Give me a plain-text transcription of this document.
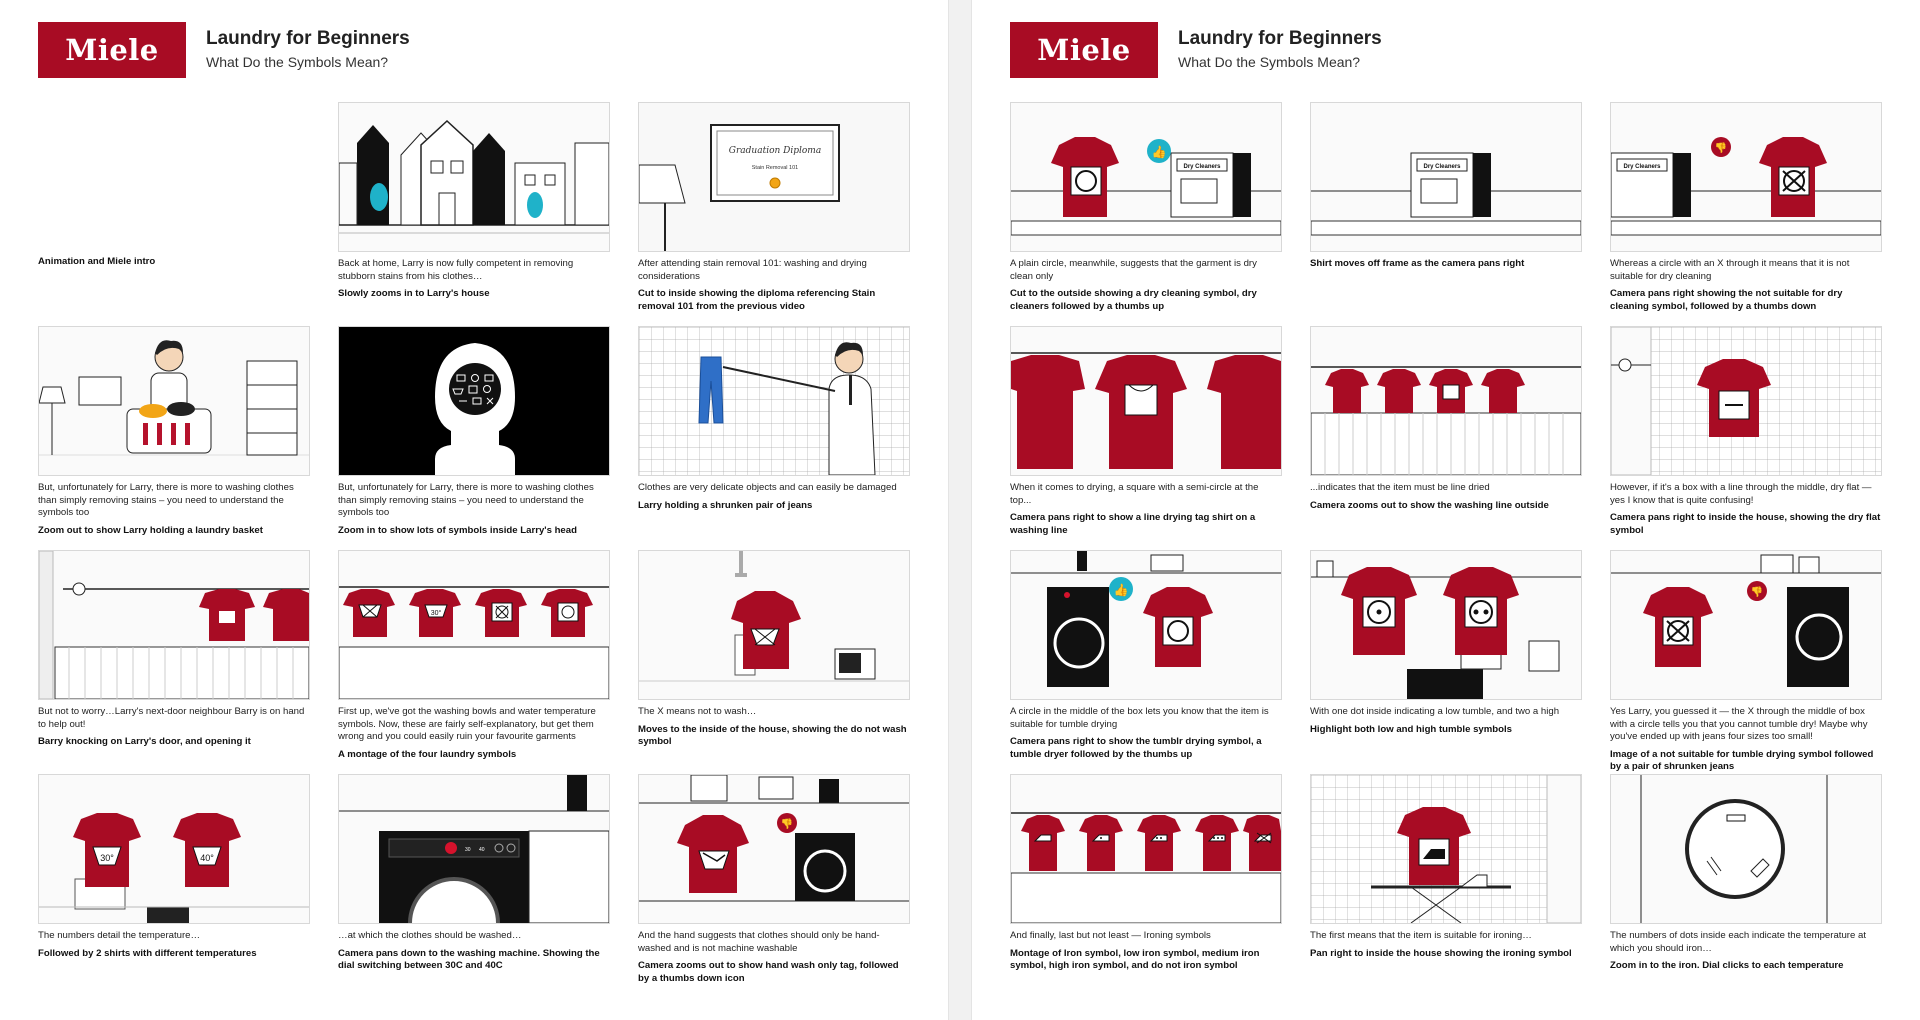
Miele	Laundry for Beginners
What Do the Symbols Mean?
Animation and Miele intro	Back at home, Larry is now fully competent in removing stubborn stains from his clothes…
Slowly zooms in to Larry's house
Graduation Diploma
Stain Removal 101
After attending stain removal 101: washing and drying considerations
Cut to inside showing the diploma referencing Stain removal 101 from the previous video
But, unfortunately for Larry, there is more to washing clothes than simply removing stains – you need to understand the symbols too
Zoom out to show Larry holding a laundry basket
But, unfortunately for Larry, there is more to washing clothes than simply removing stains – you need to understand the symbols too
Zoom in to show lots of symbols inside Larry's head
Clothes are very delicate objects and can easily be damaged
Larry holding a shrunken pair of jeans
But not to worry…Larry's next-door neighbour Barry is on hand to help out!
Barry knocking on Larry's door, and opening it
30°
First up, we've got the washing bowls and water temperature symbols. Now, these are fairly self-explanatory, but get them wrong and you could easily ruin your favourite garments
A montage of the four laundry symbols
The X means not to wash…
Moves to the inside of the house, showing the do not wash symbol
30°	40°
The numbers detail the temperature…
Followed by 2 shirts with different temperatures
30 40
…at which the clothes should be washed…
Camera pans down to the washing machine. Showing the dial switching between 30C and 40C
👎
And the hand suggests that clothes should only be hand-washed and is not machine washable
Camera zooms out to show hand wash only tag, followed by a thumbs down icon
Miele	Laundry for Beginners
What Do the Symbols Mean?
Dry Cleaners
👍
A plain circle, meanwhile, suggests that the garment is dry clean only
Cut to the outside showing a dry cleaning symbol, dry cleaners followed by a thumbs up
Dry Cleaners
Shirt moves off frame as the camera pans right
Dry Cleaners
👎
Whereas a circle with an X through it means that it is not suitable for dry cleaning
Camera pans right showing the not suitable for dry cleaning symbol, followed by a thumbs down
When it comes to drying, a square with a semi-circle at the top...
Camera pans right to show a line drying tag shirt on a washing line
...indicates that the item must be line dried
Camera zooms out to show the washing line outside
However, if it's a box with a line through the middle, dry flat — yes I know that is quite confusing!
Camera pans right to inside the house, showing the dry flat symbol
👍
A circle in the middle of the box lets you know that the item is suitable for tumble drying
Camera pans right to show the tumblr drying symbol, a tumble dryer followed by the thumbs up
With one dot inside indicating a low tumble, and two a high
Highlight both low and high tumble symbols
👎
Yes Larry, you guessed it — the X through the middle of box with a circle tells you that you cannot tumble dry! Maybe why you've ended up with jeans four sizes too small!
Image of a not suitable for tumble drying symbol followed by a pair of shrunken jeans
And finally, last but not least — Ironing symbols
Montage of Iron symbol, low iron symbol, medium iron symbol, high iron symbol, and do not iron symbol
The first means that the item is suitable for ironing…
Pan right to inside the house showing the ironing symbol
The numbers of dots inside each indicate the temperature at which you should iron…
Zoom in to the iron. Dial clicks to each temperature
